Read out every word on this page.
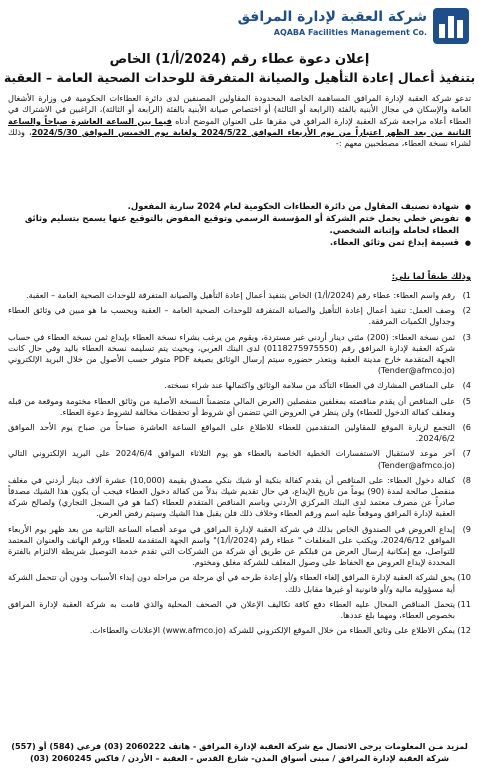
شركة العقبة لإدارة المرافق
AQABA Facilities Management Co.
إعلان دعوة عطاء رقم (2024/أ/1) الخاص
بتنفيذ أعمال إعادة التأهيل والصيانة المتفرقة للوحدات الصحية العامة – العقبة
تدعو شركة العقبة لإدارة المرافق المساهمة الخاصة المحدودة المقاولين المصنفين لدى دائرة العطاءات الحكومية في وزارة الأشغال العامة والإسكان في مجال الأبنية بالفئة (الرابعة أو الثالثة) أو اختصاص صيانة الأبنية بالفئة (الرابعة أو الثالثة)، الراغبين في الاشتراك في العطاء أعلاه مراجعة شركة العقبة لإدارة المرافق في مقرها على العنوان الموضح أدناه فيما بين الساعة العاشرة صباحاً والساعة الثانية من بعد الظهر اعتباراً من يوم الأربعاء الموافق 2024/5/22 ولغاية يوم الخميس الموافق 2024/5/30، وذلك لشراء نسخة العطاء، مصطحبين معهم :-
● شهادة تصنيف المقاول من دائرة العطاءات الحكومية لعام 2024 سارية المفعول.
● تفويض خطي يحمل ختم الشركة أو المؤسسة الرسمي وتوقيع المفوض بالتوقيع عنها يسمح بتسليم وثائق العطاء لحامله وإثباته الشخصي.
● قسيمة إيداع ثمن وثائق العطاء.
وذلك طبقاً لما يلي:
1)
رقم واسم العطاء: عطاء رقم (2024/أ/1) الخاص بتنفيذ أعمال إعادة التأهيل والصيانة المتفرقة للوحدات الصحية العامة – العقبة.
2)
وصف العمل: تنفيذ أعمال إعادة التأهيل والصيانة المتفرقة للوحدات الصحية العامة – العقبة وبحسب ما هو مبين في وثائق العطاء وجداول الكميات المرفقة.
3)
ثمن نسخة العطاء: (200) مئتي دينار أردني غير مستردة، ويقوم من يرغب بشراء نسخة العطاء بإيداع ثمن نسخة العطاء في حساب شركة العقبة لإدارة المرافق رقم (0118275975550) لدى البنك العربي، وبحيث يتم تسليمه نسخة العطاء باليد وفي حال كانت الجهة المتقدمة خارج مدينة العقبة ويتعذر حضوره سيتم إرسال الوثائق بصيغة PDF متوفر حسب الأصول من خلال البريد الإلكتروني (Tender@afmco.jo)
4)
على المناقص المشارك في العطاء التأكد من سلامة الوثائق واكتمالها عند شراء نسخته.
5)
على المناقص أن يقدم مناقصته بمغلفين منفصلين (العرض المالي متضمناً النسخة الأصلية من وثائق العطاء مختومة وموقعة من قبله ومغلف كفالة الدخول للعطاء) ولن ينظر في العروض التي تتضمن أي شروط أو تحفظات مخالفة لشروط دعوة العطاء.
6)
التجمع لزيارة الموقع للمقاولين المتقدمين للعطاء للاطلاع على المواقع الساعة العاشرة صباحاً من صباح يوم الأحد الموافق 2024/6/2.
7)
آخر موعد لاستقبال الاستفسارات الخطية الخاصة بالعطاء هو يوم الثلاثاء الموافق 2024/6/4 على البريد الإلكتروني التالي (Tender@afmco.jo)
8)
كفالة دخول العطاء: على المناقص أن يقدم كفالة بنكية أو شيك بنكي مصدق بقيمة (10,000) عشرة آلاف دينار أردني في مغلف منفصل صالحة لمدة (90) يوماً من تاريخ الإيداع، في حال تقديم شيك بدلاً من كفالة دخول العطاء فيجب أن يكون هذا الشيك مصدقاً صادراً عن مصرف معتمد لدى البنك المركزي الأردني وباسم المناقص المتقدم للعطاء (كما هو في السجل التجاري) ولصالح شركة العقبة لإدارة المرافق وموقعاً عليه اسم ورقم العطاء وخلاف ذلك فلن يقبل هذا الشيك وسيتم رفض العرض.
9)
إيداع العروض في الصندوق الخاص بذلك في شركة العقبة لإدارة المرافق في موعد أقصاه الساعة الثانية من بعد ظهر يوم الأربعاء الموافق 2024/6/12، ويكتب على المغلفات " عطاء رقم (2024/أ/1)" واسم الجهة المتقدمة للعطاء ورقم الهاتف والعنوان المعتمد للتواصل، مع إمكانية إرسال العرض من قبلكم عن طريق أي شركة من الشركات التي تقدم خدمة التوصيل شريطة الالتزام بالفترة المحددة لإيداع العروض مع الحفاظ على وصول المغلف للشركة مغلق ومختوم.
10)
يحق لشركة العقبة لإدارة المرافق إلغاء العطاء و/أو إعادة طرحه في أي مرحلة من مراحله دون إبداء الأسباب ودون أن تتحمل الشركة أية مسؤولية مالية و/أو قانونية أو غيرها مقابل ذلك.
11)
يتحمل المناقص المحال عليه العطاء دفع كافة تكاليف الإعلان في الصحف المحلية والذي قامت به شركة العقبة لإدارة المرافق بخصوص العطاء، ومهما بلغ عددها.
12)
يمكن الاطلاع على وثائق العطاء من خلال الموقع الإلكتروني للشركة (www.afmco.jo) الإعلانات والعطاءات.
لمزيد مـن المعلومات يرجى الاتصال مع شركة العقبة لإدارة المرافق - هاتف 2060222 (03) فرعي (584) أو (557)
شركة العقبة لإدارة المرافق / مبنى أسواق المدن- شارع القدس - العقبة – الأردن / فاكس 2060245 (03)
